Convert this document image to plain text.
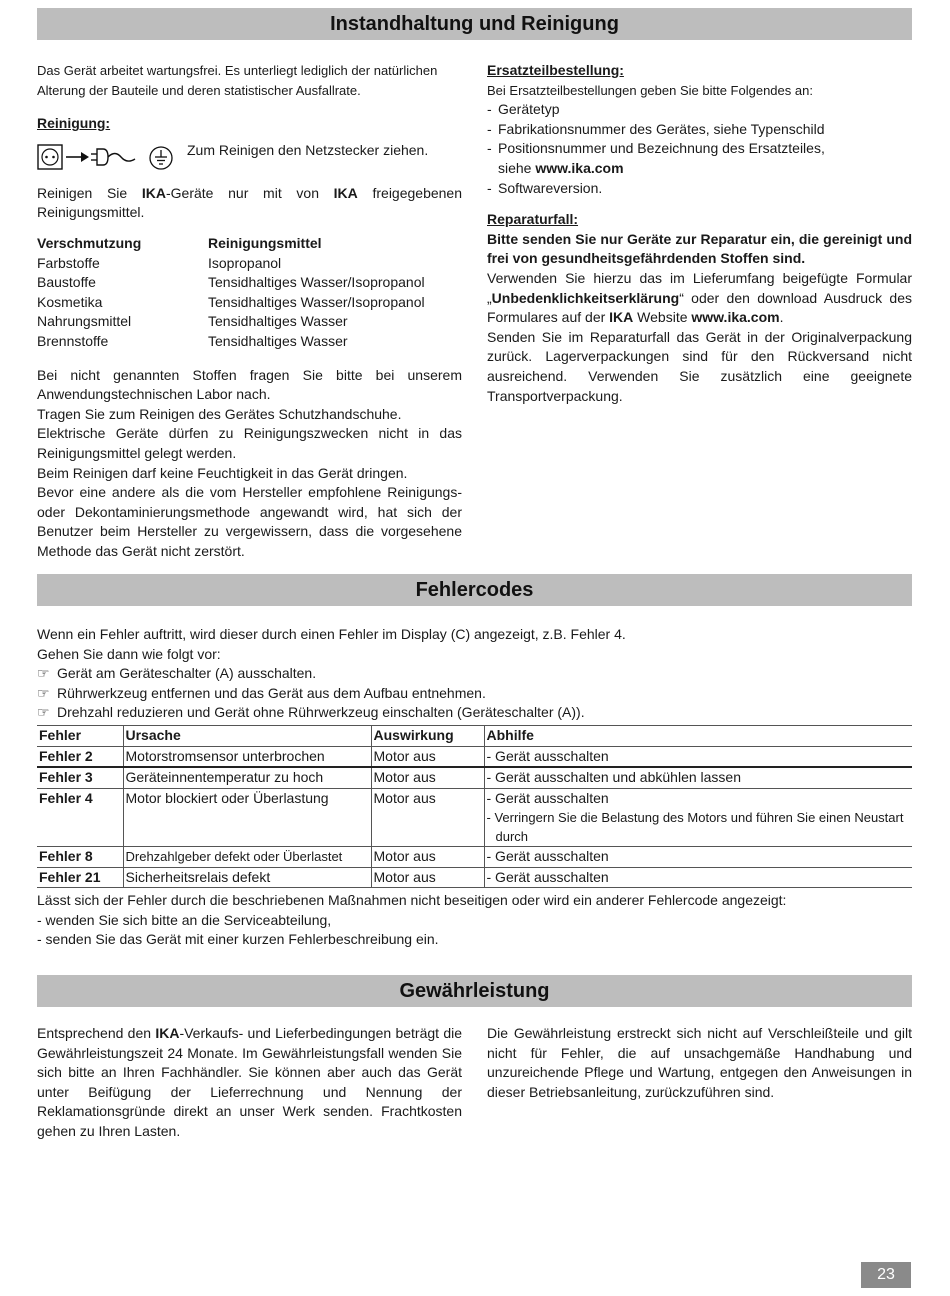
Instandhaltung und Reinigung
Fehlercodes
Gewährleistung

Das Gerät arbeitet wartungsfrei. Es unterliegt lediglich der natürlichen Alterung der Bauteile und deren statistischer Ausfallrate.

Reinigung:

Zum Reinigen den Netzstecker ziehen.

Reinigen Sie IKA-Geräte nur mit von IKA freigegebenen Reinigungsmittel.

Verschmutzung	Reinigungsmittel
Farbstoffe	Isopropanol
Baustoffe	Tensidhaltiges Wasser/Isopropanol
Kosmetika	Tensidhaltiges Wasser/Isopropanol
Nahrungsmittel	Tensidhaltiges Wasser
Brennstoffe	Tensidhaltiges Wasser

Bei nicht genannten Stoffen fragen Sie bitte bei unserem Anwendungstechnischen Labor nach.

Tragen Sie zum Reinigen des Gerätes Schutzhandschuhe.

Elektrische Geräte dürfen zu Reinigungszwecken nicht in das Reinigungsmittel gelegt werden.

Beim Reinigen darf keine Feuchtigkeit in das Gerät dringen.

Bevor eine andere als die vom Hersteller empfohlene Reinigungs- oder Dekontaminierungsmethode angewandt wird, hat sich der Benutzer beim Hersteller zu vergewissern, dass die vorgesehene Methode das Gerät nicht zerstört.

Ersatzteilbestellung:

Bei Ersatzteilbestellungen geben Sie bitte Folgendes an:

- Gerätetyp
- Fabrikationsnummer des Gerätes, siehe Typenschild
- Positionsnummer und Bezeichnung des Ersatzteiles,
siehe www.ika.com
- Softwareversion.

Reparaturfall:

Bitte senden Sie nur Geräte zur Reparatur ein, die gereinigt und frei von gesundheitsgefährdenden Stoffen sind.

Verwenden Sie hierzu das im Lieferumfang beigefügte Formular „Unbedenklichkeitserklärung“ oder den download Ausdruck des Formulares auf der IKA Website www.ika.com.

Senden Sie im Reparaturfall das Gerät in der Originalverpackung zurück. Lagerverpackungen sind für den Rückversand nicht ausreichend. Verwenden Sie zusätzlich eine geeignete Transportverpackung.

Wenn ein Fehler auftritt, wird dieser durch einen Fehler im Display (C) angezeigt, z.B. Fehler 4.

Gehen Sie dann wie folgt vor:

☞ Gerät am Geräteschalter (A) ausschalten.
☞ Rührwerkzeug entfernen und das Gerät aus dem Aufbau entnehmen.
☞ Drehzahl reduzieren und Gerät ohne Rührwerkzeug einschalten (Geräteschalter (A)).
Fehler	Ursache	Auswirkung	Abhilfe
Fehler 2	Motorstromsensor unterbrochen	Motor aus	- Gerät ausschalten
Fehler 3	Geräteinnentemperatur zu hoch	Motor aus	- Gerät ausschalten und abkühlen lassen
Fehler 4	Motor blockiert oder Überlastung	Motor aus	- Gerät ausschalten
- Verringern Sie die Belastung des Motors und führen Sie einen Neustart durch

Fehler 8	Drehzahlgeber defekt oder Überlastet	Motor aus	- Gerät ausschalten
Fehler 21	Sicherheitsrelais defekt	Motor aus	- Gerät ausschalten

Lässt sich der Fehler durch die beschriebenen Maßnahmen nicht beseitigen oder wird ein anderer Fehlercode angezeigt:

- wenden Sie sich bitte an die Serviceabteilung,

- senden Sie das Gerät mit einer kurzen Fehlerbeschreibung ein.

Entsprechend den IKA-Verkaufs- und Lieferbedingungen beträgt die Gewährleistungszeit 24 Monate. Im Gewährleistungsfall wenden Sie sich bitte an Ihren Fachhändler. Sie können aber auch das Gerät unter Beifügung der Lieferrechnung und Nennung der Reklamationsgründe direkt an unser Werk senden. Frachtkosten gehen zu Ihren Lasten.

Die Gewährleistung erstreckt sich nicht auf Verschleißteile und gilt nicht für Fehler, die auf unsachgemäße Handhabung und unzureichende Pflege und Wartung, entgegen den Anweisungen in dieser Betriebsanleitung, zurückzuführen sind.

23
